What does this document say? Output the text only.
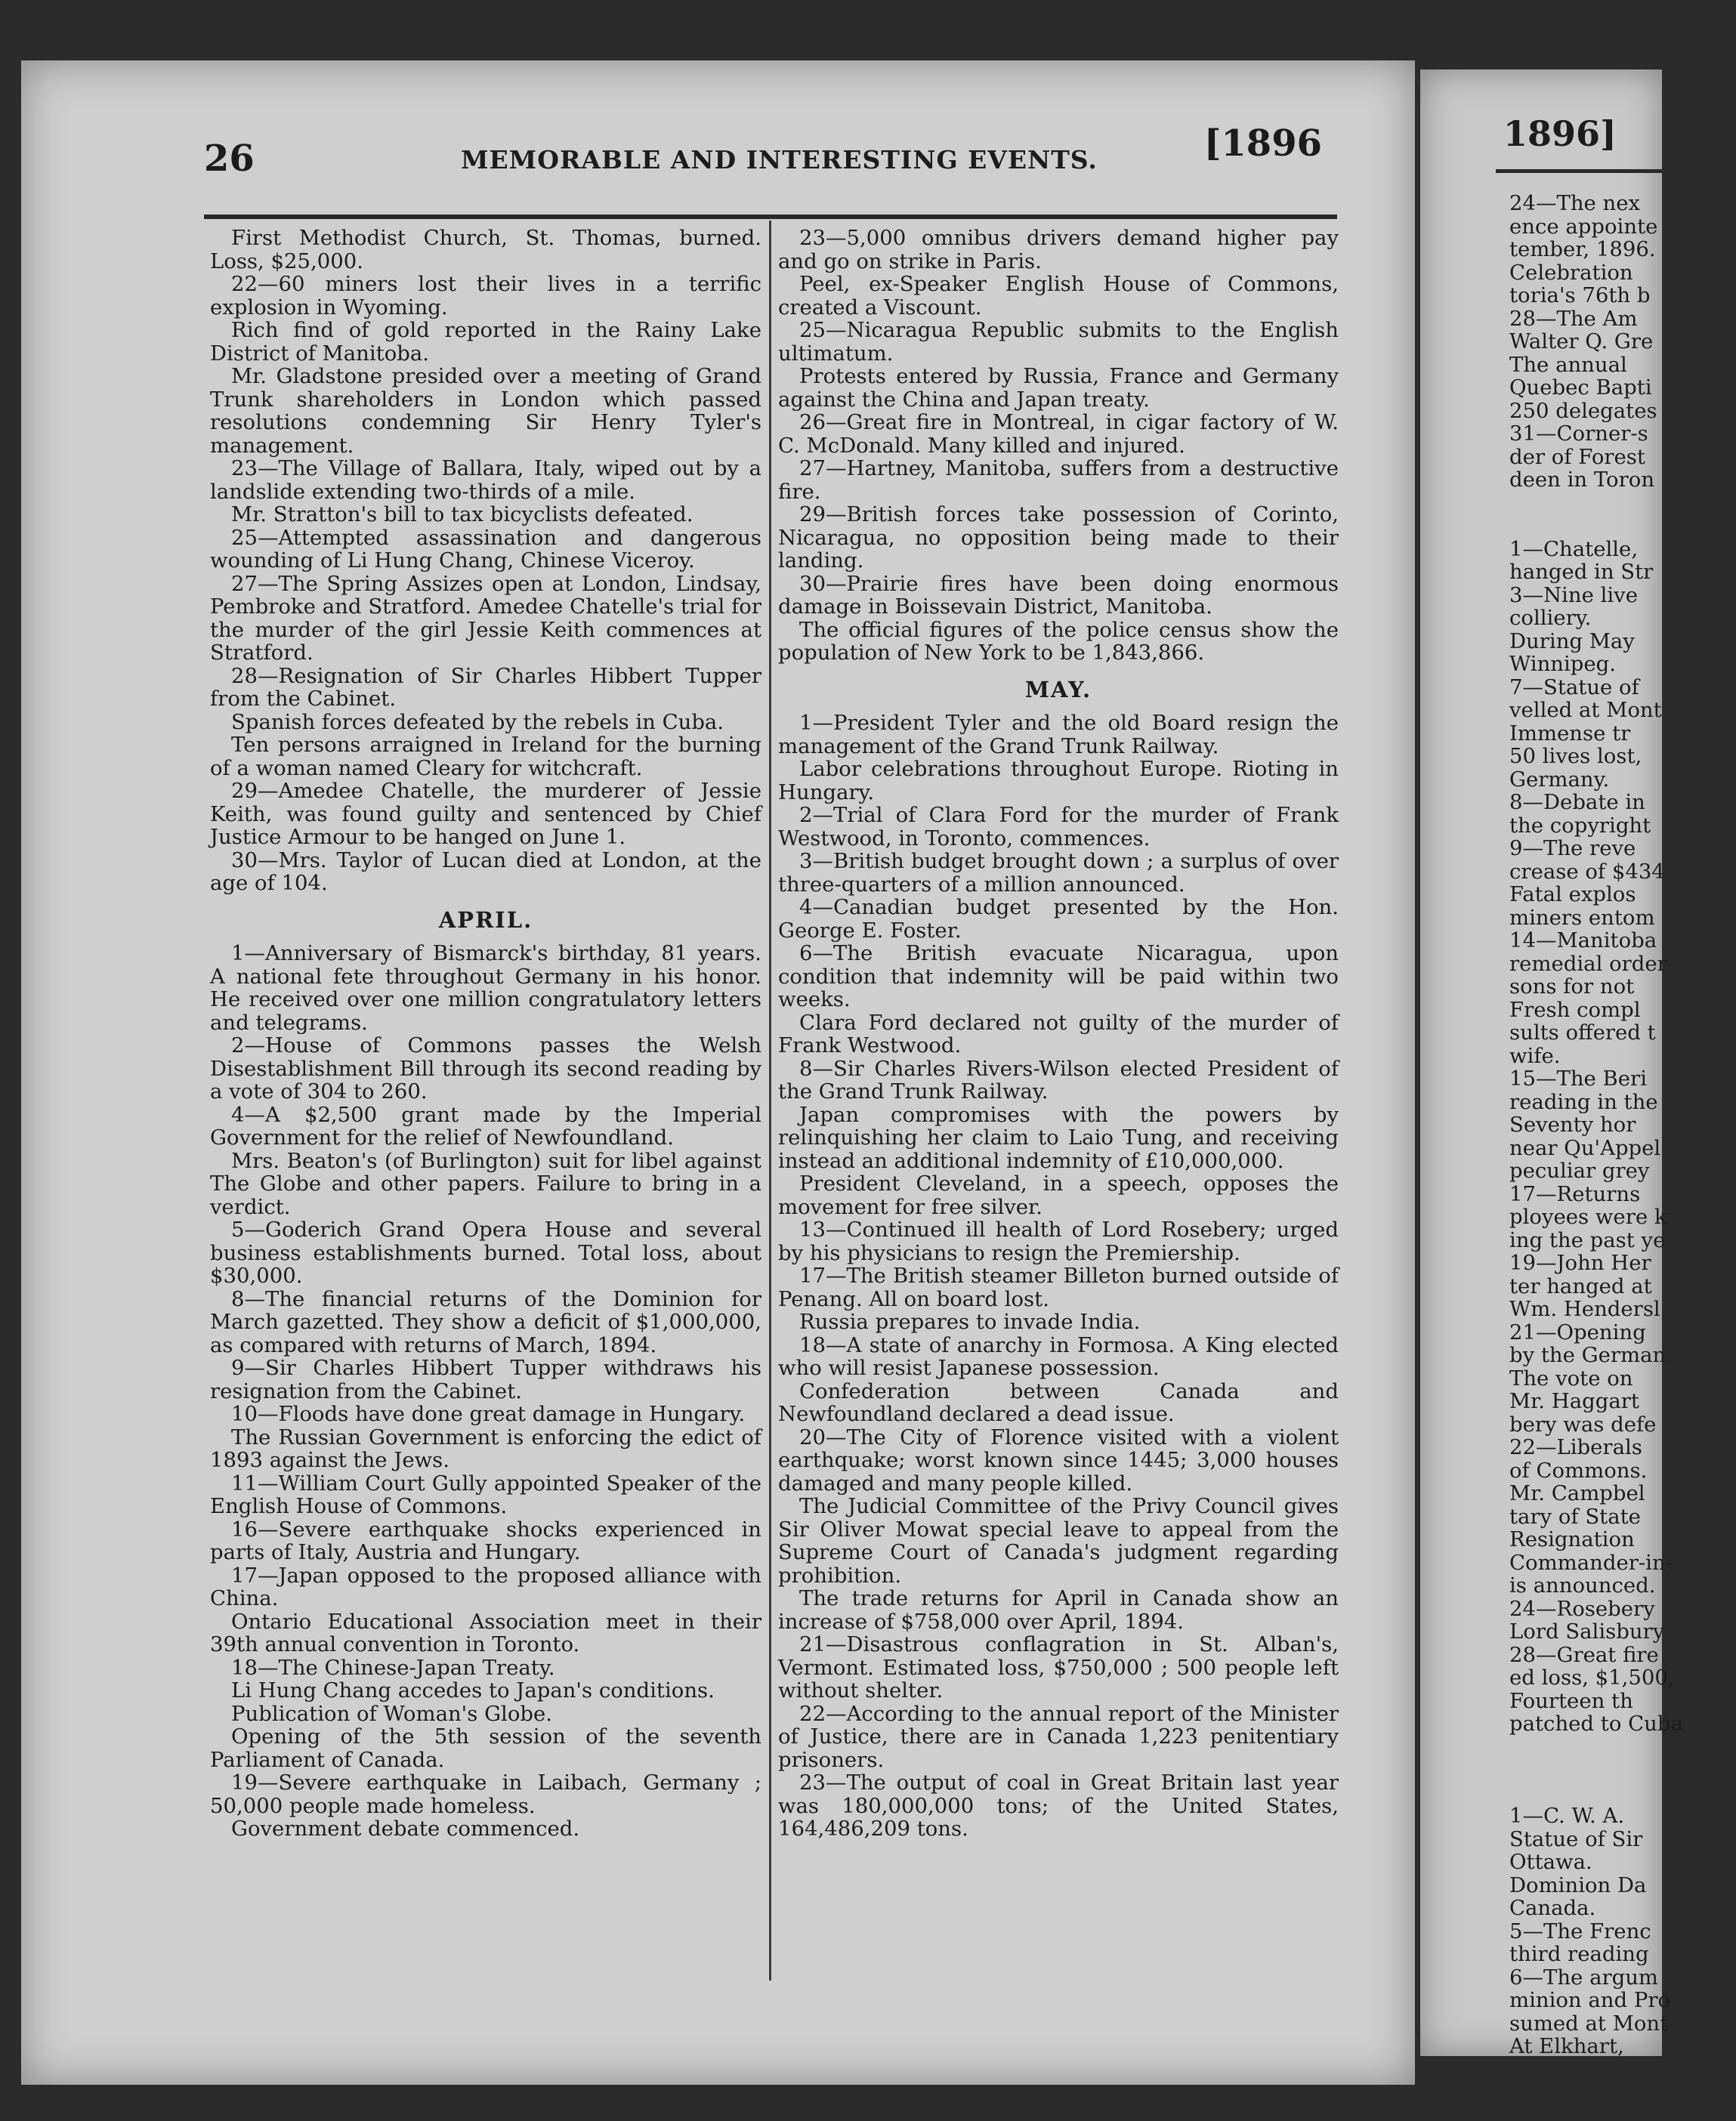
26	MEMORABLE AND INTERESTING EVENTS.	[1896

First Methodist Church, St. Thomas, burned. Loss, $25,000.

22—60 miners lost their lives in a terrific explosion in Wyoming.

Rich find of gold reported in the Rainy Lake District of Manitoba.

Mr. Gladstone presided over a meeting of Grand Trunk shareholders in London which passed resolutions condemning Sir Henry Tyler's management.

23—The Village of Ballara, Italy, wiped out by a landslide extending two-thirds of a mile.

Mr. Stratton's bill to tax bicyclists defeated.

25—Attempted assassination and dangerous wounding of Li Hung Chang, Chinese Viceroy.

27—The Spring Assizes open at London, Lindsay, Pembroke and Stratford. Amedee Chatelle's trial for the murder of the girl Jessie Keith commences at Stratford.

28—Resignation of Sir Charles Hibbert Tupper from the Cabinet.

Spanish forces defeated by the rebels in Cuba.

Ten persons arraigned in Ireland for the burning of a woman named Cleary for witchcraft.

29—Amedee Chatelle, the murderer of Jessie Keith, was found guilty and sentenced by Chief Justice Armour to be hanged on June 1.

30—Mrs. Taylor of Lucan died at London, at the age of 104.

APRIL.

1—Anniversary of Bismarck's birthday, 81 years. A national fete throughout Germany in his honor. He received over one million congratulatory letters and telegrams.

2—House of Commons passes the Welsh Disestablishment Bill through its second reading by a vote of 304 to 260.

4—A $2,500 grant made by the Imperial Government for the relief of Newfoundland.

Mrs. Beaton's (of Burlington) suit for libel against The Globe and other papers. Failure to bring in a verdict.

5—Goderich Grand Opera House and several business establishments burned. Total loss, about $30,000.

8—The financial returns of the Dominion for March gazetted. They show a deficit of $1,000,000, as compared with returns of March, 1894.

9—Sir Charles Hibbert Tupper withdraws his resignation from the Cabinet.

10—Floods have done great damage in Hungary.

The Russian Government is enforcing the edict of 1893 against the Jews.

11—William Court Gully appointed Speaker of the English House of Commons.

16—Severe earthquake shocks experienced in parts of Italy, Austria and Hungary.

17—Japan opposed to the proposed alliance with China.

Ontario Educational Association meet in their 39th annual convention in Toronto.

18—The Chinese-Japan Treaty.

Li Hung Chang accedes to Japan's conditions.

Publication of Woman's Globe.

Opening of the 5th session of the seventh Parliament of Canada.

19—Severe earthquake in Laibach, Germany ; 50,000 people made homeless.

Government debate commenced.

23—5,000 omnibus drivers demand higher pay and go on strike in Paris.

Peel, ex-Speaker English House of Commons, created a Viscount.

25—Nicaragua Republic submits to the English ultimatum.

Protests entered by Russia, France and Germany against the China and Japan treaty.

26—Great fire in Montreal, in cigar factory of W. C. McDonald. Many killed and injured.

27—Hartney, Manitoba, suffers from a destructive fire.

29—British forces take possession of Corinto, Nicaragua, no opposition being made to their landing.

30—Prairie fires have been doing enormous damage in Boissevain District, Manitoba.

The official figures of the police census show the population of New York to be 1,843,866.

MAY.

1—President Tyler and the old Board resign the management of the Grand Trunk Railway.

Labor celebrations throughout Europe. Rioting in Hungary.

2—Trial of Clara Ford for the murder of Frank Westwood, in Toronto, commences.

3—British budget brought down ; a surplus of over three-quarters of a million announced.

4—Canadian budget presented by the Hon. George E. Foster.

6—The British evacuate Nicaragua, upon condition that indemnity will be paid within two weeks.

Clara Ford declared not guilty of the murder of Frank Westwood.

8—Sir Charles Rivers-Wilson elected President of the Grand Trunk Railway.

Japan compromises with the powers by relinquishing her claim to Laio Tung, and receiving instead an additional indemnity of £10,000,000.

President Cleveland, in a speech, opposes the movement for free silver.

13—Continued ill health of Lord Rosebery; urged by his physicians to resign the Premiership.

17—The British steamer Billeton burned outside of Penang. All on board lost.

Russia prepares to invade India.

18—A state of anarchy in Formosa. A King elected who will resist Japanese possession.

Confederation between Canada and Newfoundland declared a dead issue.

20—The City of Florence visited with a violent earthquake; worst known since 1445; 3,000 houses damaged and many people killed.

The Judicial Committee of the Privy Council gives Sir Oliver Mowat special leave to appeal from the Supreme Court of Canada's judgment regarding prohibition.

The trade returns for April in Canada show an increase of $758,000 over April, 1894.

21—Disastrous conflagration in St. Alban's, Vermont. Estimated loss, $750,000 ; 500 people left without shelter.

22—According to the annual report of the Minister of Justice, there are in Canada 1,223 penitentiary prisoners.

23—The output of coal in Great Britain last year was 180,000,000 tons; of the United States, 164,486,209 tons.

1896]
24—The nex
ence appointe
tember, 1896.
Celebration
toria's 76th b
28—The Am
Walter Q. Gre
The annual
Quebec Bapti
250 delegates
31—Corner-s
der of Forest
deen in Toron
1—Chatelle,
hanged in Str
3—Nine live
colliery.
During May
Winnipeg.
7—Statue of
velled at Mont
Immense tr
50 lives lost,
Germany.
8—Debate in
the copyright
9—The reve
crease of $434
Fatal explos
miners entom
14—Manitoba
remedial order
sons for not
Fresh compl
sults offered t
wife.
15—The Beri
reading in the
Seventy hor
near Qu'Appel
peculiar grey
17—Returns
ployees were k
ing the past ye
19—John Her
ter hanged at
Wm. Hendersl
21—Opening
by the German
The vote on
Mr. Haggart
bery was defe
22—Liberals
of Commons.
Mr. Campbel
tary of State
Resignation
Commander-in-
is announced.
24—Rosebery
Lord Salisbury
28—Great fire
ed loss, $1,500,
Fourteen th
patched to Cuba
1—C. W. A.
Statue of Sir
Ottawa.
Dominion Da
Canada.
5—The Frenc
third reading
6—The argum
minion and Pro
sumed at Mont
At Elkhart,
